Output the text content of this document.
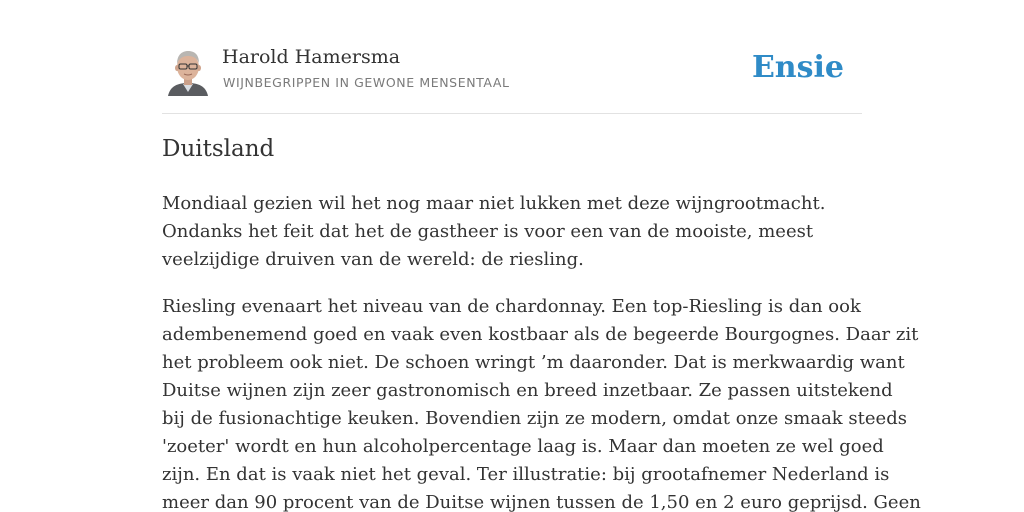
Harold Hamersma
WIJNBEGRIPPEN IN GEWONE MENSENTAAL	Ensie
Duitsland

Mondiaal gezien wil het nog maar niet lukken met deze wijngrootmacht.
Ondanks het feit dat het de gastheer is voor een van de mooiste, meest
veelzijdige druiven van de wereld: de riesling.

Riesling evenaart het niveau van de chardonnay. Een top-Riesling is dan ook
adembenemend goed en vaak even kostbaar als de begeerde Bourgognes. Daar zit
het probleem ook niet. De schoen wringt ’m daaronder. Dat is merkwaardig want
Duitse wijnen zijn zeer gastronomisch en breed inzetbaar. Ze passen uitstekend
bij de fusionachtige keuken. Bovendien zijn ze modern, omdat onze smaak steeds
'zoeter' wordt en hun alcoholpercentage laag is. Maar dan moeten ze wel goed
zijn. En dat is vaak niet het geval. Ter illustratie: bij grootafnemer Nederland is
meer dan 90 procent van de Duitse wijnen tussen de 1,50 en 2 euro geprijsd. Geen
